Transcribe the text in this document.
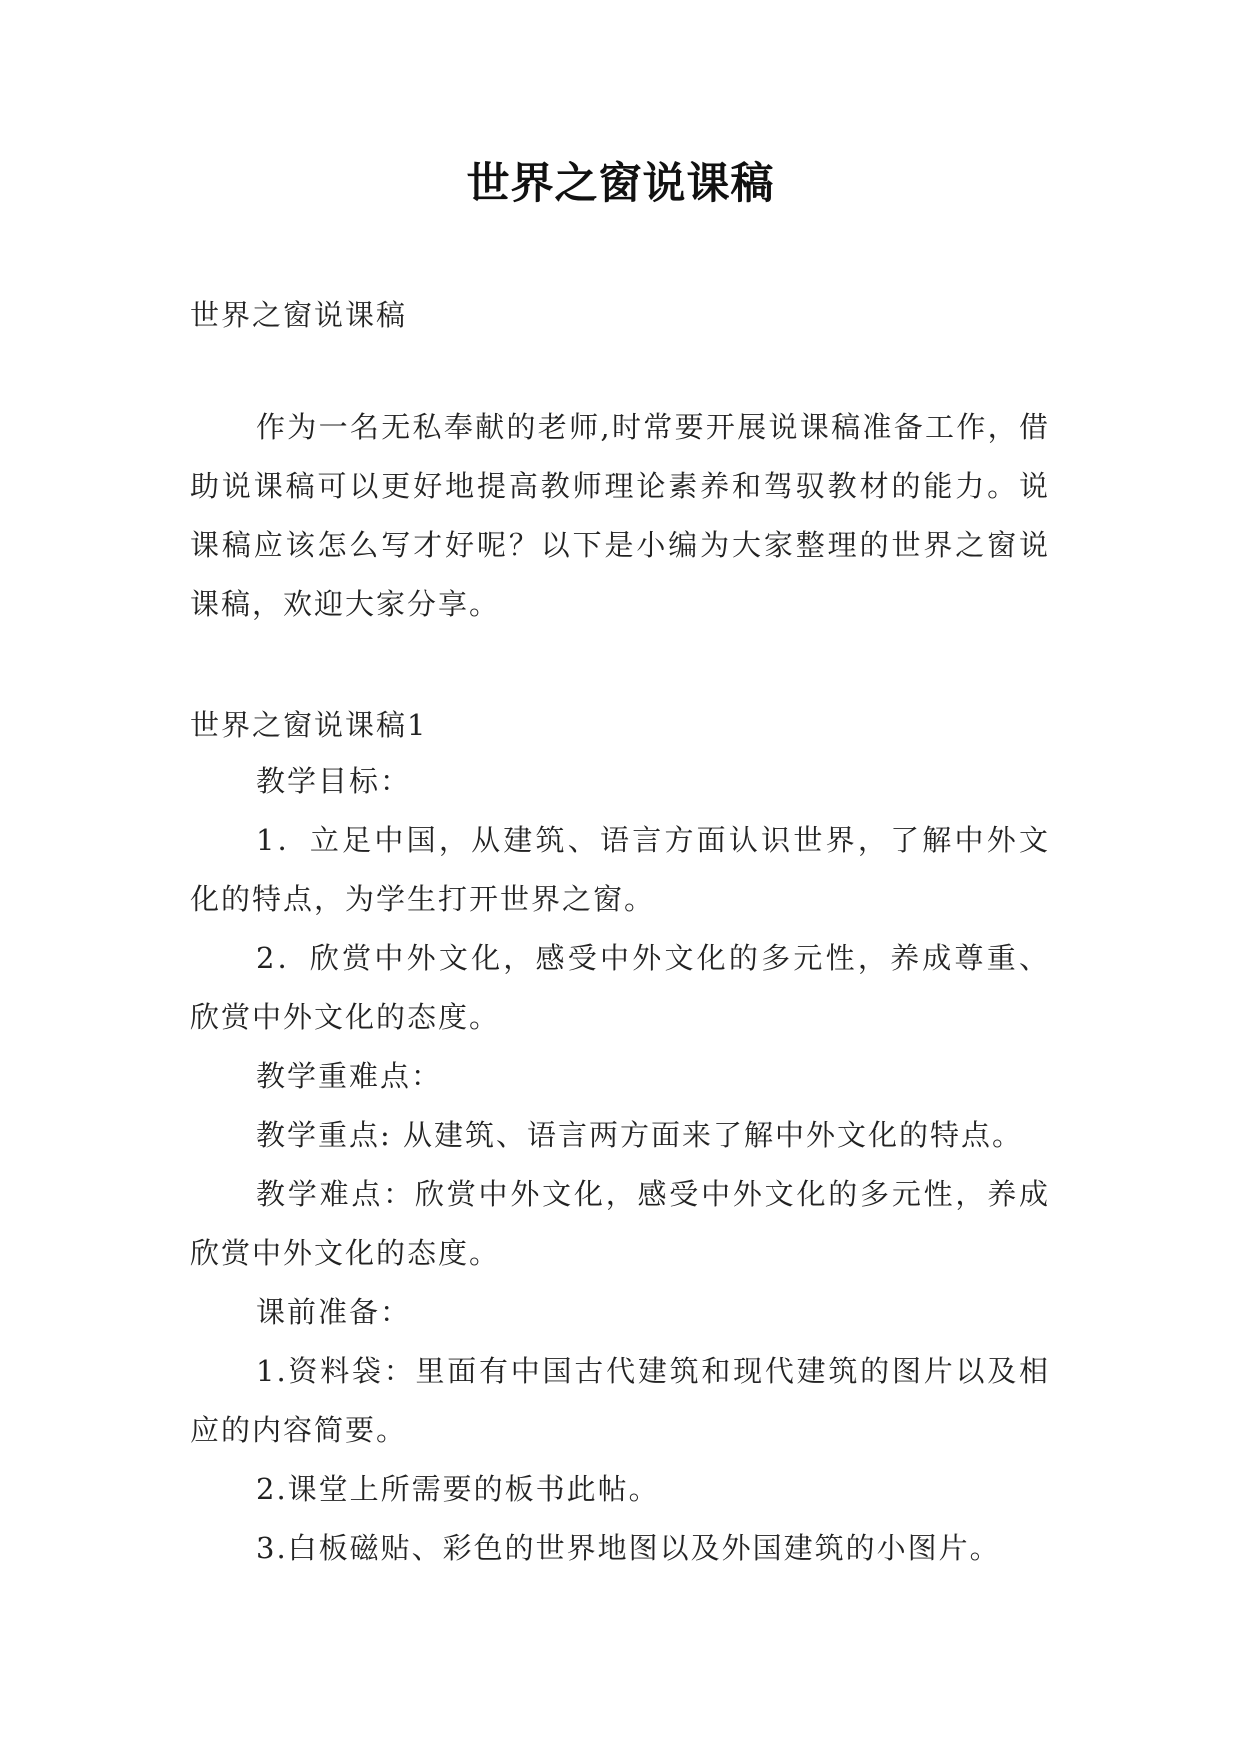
世界之窗说课稿
世界之窗说课稿
作为一名无私奉献的老师,时常要开展说课稿准备工作，借助说课稿可以更好地提高教师理论素养和驾驭教材的能力。说课稿应该怎么写才好呢？以下是小编为大家整理的世界之窗说课稿，欢迎大家分享。
世界之窗说课稿1

教学目标：

1．立足中国，从建筑、语言方面认识世界，了解中外文化的特点，为学生打开世界之窗。

2．欣赏中外文化，感受中外文化的多元性，养成尊重、欣赏中外文化的态度。

教学重难点：

教学重点: 从建筑、语言两方面来了解中外文化的特点。

教学难点：欣赏中外文化，感受中外文化的多元性，养成欣赏中外文化的态度。

课前准备：

1.资料袋：里面有中国古代建筑和现代建筑的图片以及相应的内容简要。

2.课堂上所需要的板书此帖。

3.白板磁贴、彩色的世界地图以及外国建筑的小图片。
